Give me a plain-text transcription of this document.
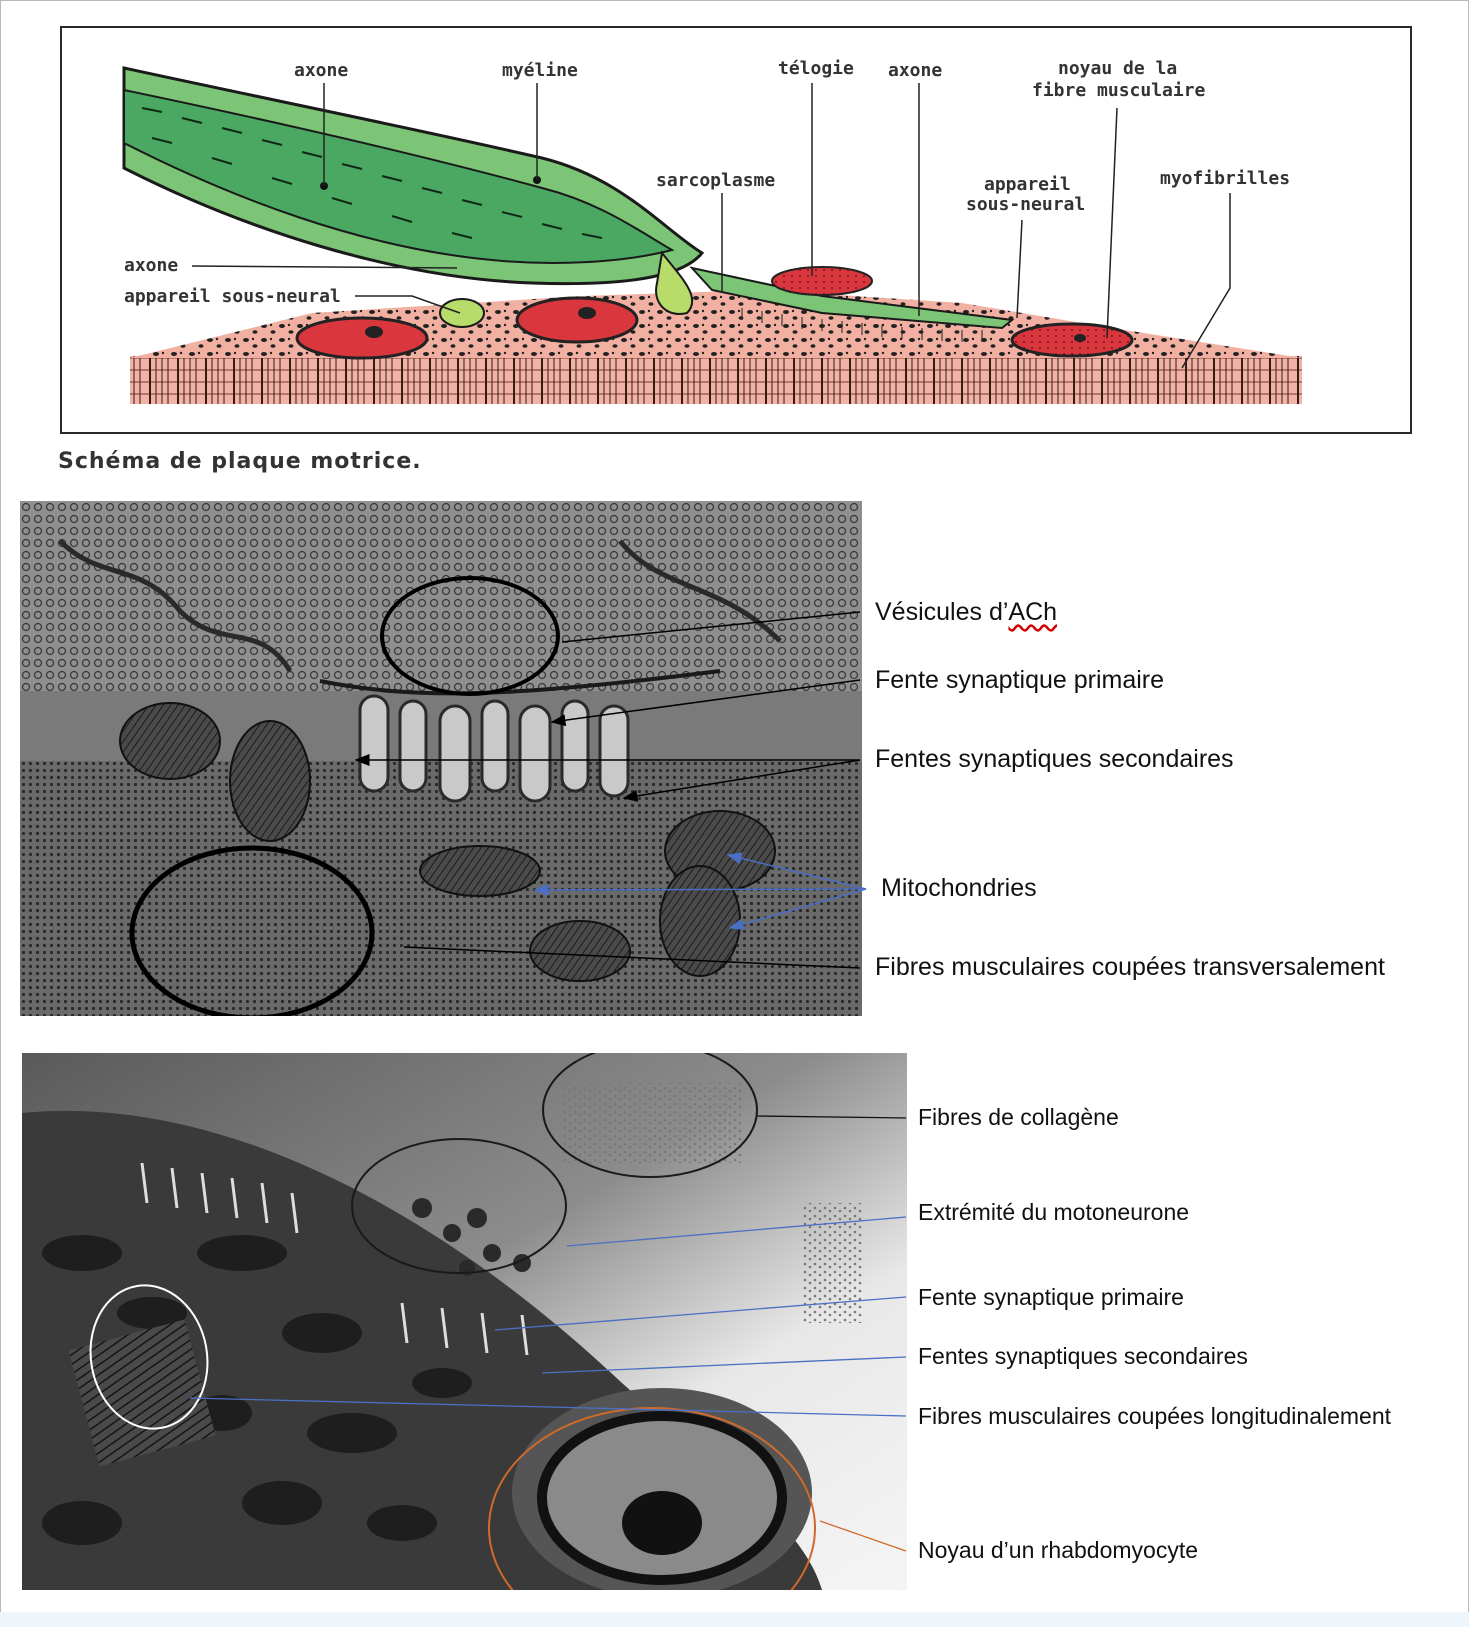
axone	myéline	télogie axone	noyau de la
fibre musculaire
sarcoplasme	appareil
sous-neural
myofibrilles
axone
appareil sous-neural
Schéma de plaque motrice.
Vésicules d’ACh
Fente synaptique primaire
Fentes synaptiques secondaires
Mitochondries
Fibres musculaires coupées transversalement
Fibres de collagène
Extrémité du motoneurone
Fente synaptique primaire
Fentes synaptiques secondaires
Fibres musculaires coupées longitudinalement
Noyau d’un rhabdomyocyte
